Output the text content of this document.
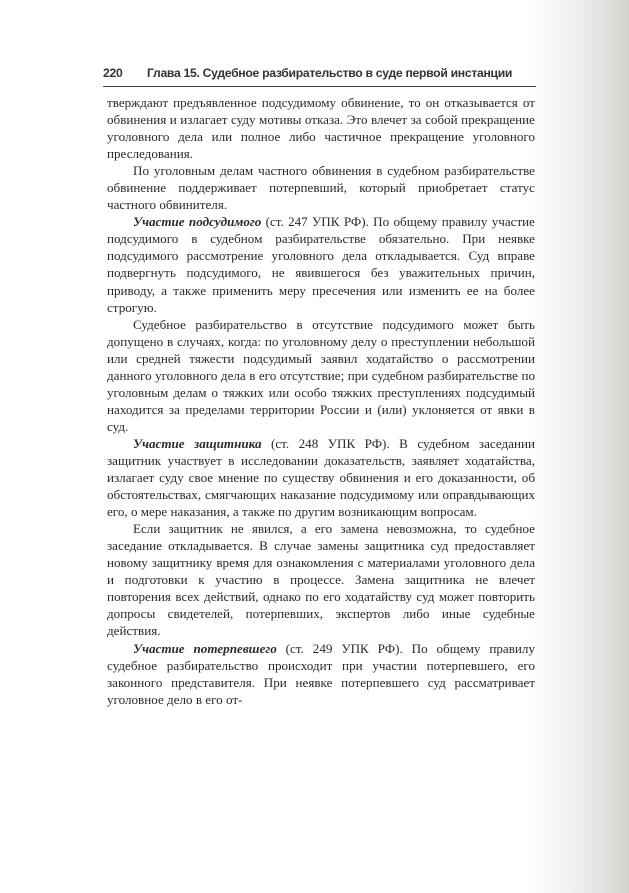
220 Глава 15. Судебное разбирательство в суде первой инстанции

тверждают предъявленное подсудимому обвинение, то он отказывается от обвинения и излагает суду мотивы отказа. Это влечет за собой прекращение уголовного дела или полное либо частичное прекращение уголовного преследования.

По уголовным делам частного обвинения в судебном разбирательстве обвинение поддерживает потерпевший, который приобретает статус частного обвинителя.

Участие подсудимого (ст. 247 УПК РФ). По общему правилу участие подсудимого в судебном разбирательстве обязательно. При неявке подсудимого рассмотрение уголовного дела откладывается. Суд вправе подвергнуть подсудимого, не явившегося без уважительных причин, приводу, а также применить меру пресечения или изменить ее на более строгую.

Судебное разбирательство в отсутствие подсудимого может быть допущено в случаях, когда: по уголовному делу о преступлении небольшой или средней тяжести подсудимый заявил ходатайство о рассмотрении данного уголовного дела в его отсутствие; при судебном разбирательстве по уголовным делам о тяжких или особо тяжких преступлениях подсудимый находится за пределами территории России и (или) уклоняется от явки в суд.

Участие защитника (ст. 248 УПК РФ). В судебном заседании защитник участвует в исследовании доказательств, заявляет ходатайства, излагает суду свое мнение по существу обвинения и его доказанности, об обстоятельствах, смягчающих наказание подсудимому или оправдывающих его, о мере наказания, а также по другим возникающим вопросам.

Если защитник не явился, а его замена невозможна, то судебное заседание откладывается. В случае замены защитника суд предоставляет новому защитнику время для ознакомления с материалами уголовного дела и подготовки к участию в процессе. Замена защитника не влечет повторения всех действий, однако по его ходатайству суд может повторить допросы свидетелей, потерпевших, экспертов либо иные судебные действия.

Участие потерпевшего (ст. 249 УПК РФ). По общему правилу судебное разбирательство происходит при участии потерпевшего, его законного представителя. При неявке потерпевшего суд рассматривает уголовное дело в его от-
